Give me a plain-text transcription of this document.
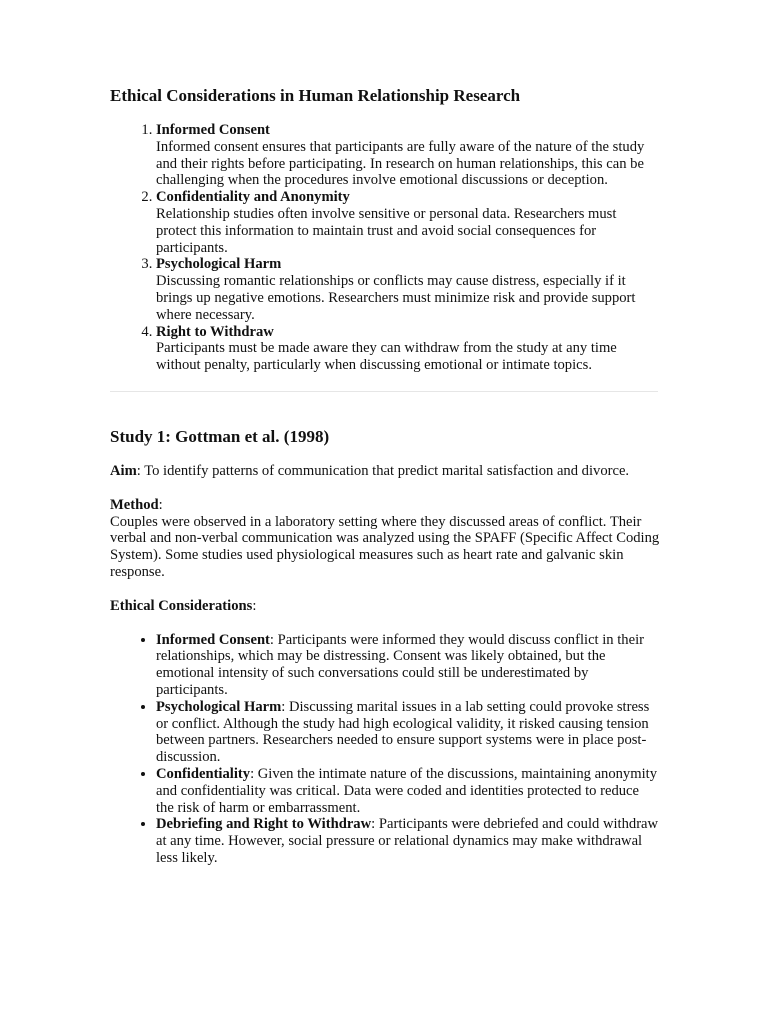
Ethical Considerations in Human Relationship Research
1. Informed Consent
Informed consent ensures that participants are fully aware of the nature of the study and their rights before participating. In research on human relationships, this can be challenging when the procedures involve emotional discussions or deception.
2. Confidentiality and Anonymity
Relationship studies often involve sensitive or personal data. Researchers must protect this information to maintain trust and avoid social consequences for participants.
3. Psychological Harm
Discussing romantic relationships or conflicts may cause distress, especially if it brings up negative emotions. Researchers must minimize risk and provide support where necessary.
4. Right to Withdraw
Participants must be made aware they can withdraw from the study at any time without penalty, particularly when discussing emotional or intimate topics.
Study 1: Gottman et al. (1998)

Aim: To identify patterns of communication that predict marital satisfaction and divorce.

Method:

Couples were observed in a laboratory setting where they discussed areas of conflict. Their verbal and non-verbal communication was analyzed using the SPAFF (Specific Affect Coding System). Some studies used physiological measures such as heart rate and galvanic skin response.

Ethical Considerations:

• Informed Consent: Participants were informed they would discuss conflict in their relationships, which may be distressing. Consent was likely obtained, but the emotional intensity of such conversations could still be underestimated by participants.
• Psychological Harm: Discussing marital issues in a lab setting could provoke stress or conflict. Although the study had high ecological validity, it risked causing tension between partners. Researchers needed to ensure support systems were in place post-discussion.
• Confidentiality: Given the intimate nature of the discussions, maintaining anonymity and confidentiality was critical. Data were coded and identities protected to reduce the risk of harm or embarrassment.
• Debriefing and Right to Withdraw: Participants were debriefed and could withdraw at any time. However, social pressure or relational dynamics may make withdrawal less likely.
